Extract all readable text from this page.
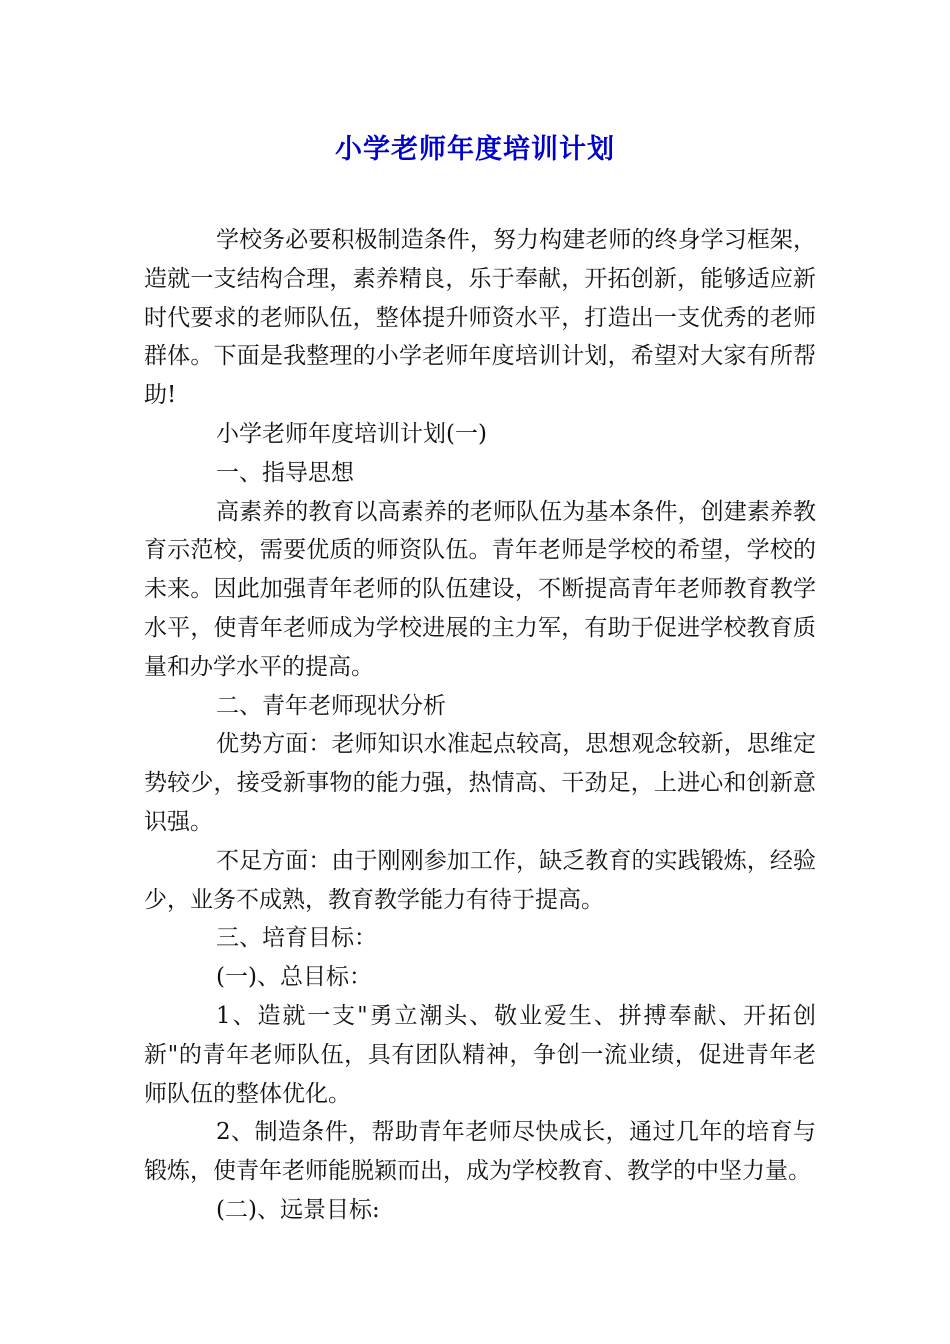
小学老师年度培训计划

学校务必要积极制造条件，努力构建老师的终身学习框架，造就一支结构合理，素养精良，乐于奉献，开拓创新，能够适应新时代要求的老师队伍，整体提升师资水平，打造出一支优秀的老师群体。下面是我整理的小学老师年度培训计划，希望对大家有所帮助!

小学老师年度培训计划(一)

一、指导思想

高素养的教育以高素养的老师队伍为基本条件，创建素养教育示范校，需要优质的师资队伍。青年老师是学校的希望，学校的未来。因此加强青年老师的队伍建设，不断提高青年老师教育教学水平，使青年老师成为学校进展的主力军，有助于促进学校教育质量和办学水平的提高。

二、青年老师现状分析

优势方面：老师知识水准起点较高，思想观念较新，思维定势较少，接受新事物的能力强，热情高、干劲足，上进心和创新意识强。

不足方面：由于刚刚参加工作，缺乏教育的实践锻炼，经验少，业务不成熟，教育教学能力有待于提高。

三、培育目标：

(一)、总目标：

1、造就一支"勇立潮头、敬业爱生、拼搏奉献、开拓创新"的青年老师队伍，具有团队精神，争创一流业绩，促进青年老师队伍的整体优化。

2、制造条件，帮助青年老师尽快成长，通过几年的培育与锻炼，使青年老师能脱颖而出，成为学校教育、教学的中坚力量。

(二)、远景目标:
